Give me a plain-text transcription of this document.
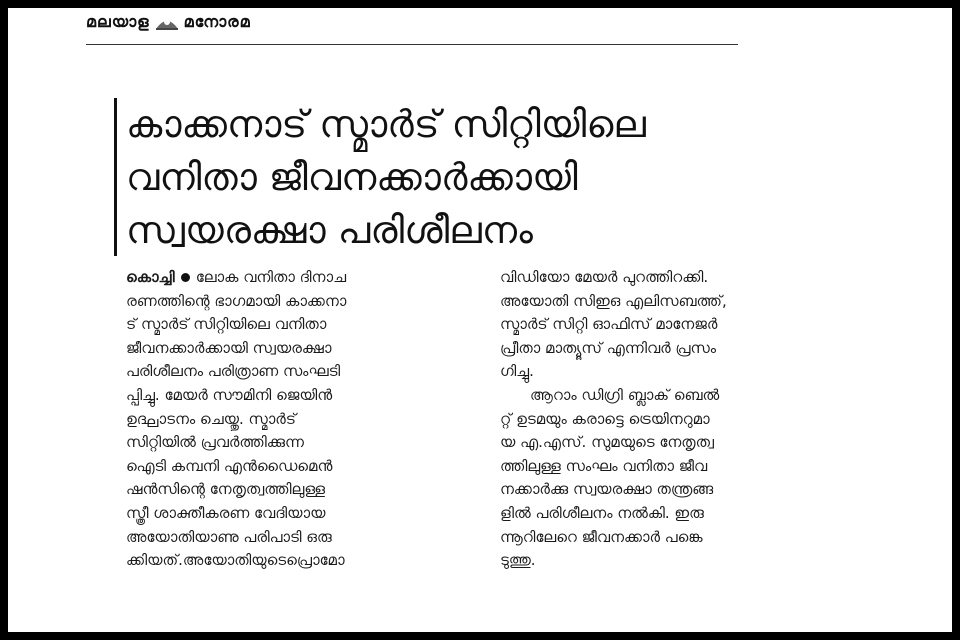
മലയാള മനോരമ
കാക്കനാട് സ്മാർട് സിറ്റിയിലെ
വനിതാ ജീവനക്കാർക്കായി
സ്വയരക്ഷാ പരിശീലനം
കൊച്ചി ലോക വനിതാ ദിനാച
രണത്തിന്റെ ഭാഗമായി കാക്കനാ
ട് സ്മാർട് സിറ്റിയിലെ വനിതാ
ജീവനക്കാർക്കായി സ്വയരക്ഷാ
പരിശീലനം പരിത്രാണ സംഘടി
പ്പിച്ചു. മേയർ സൗമിനി ജെയിൻ
ഉദ്ഘാടനം ചെയ്തു. സ്മാർട്
സിറ്റിയിൽ പ്രവർത്തിക്കുന്ന
ഐടി കമ്പനി എൻഡൈമെൻ
ഷൻസിന്റെ നേതൃത്വത്തിലുള്ള
സ്ത്രീ ശാക്തീകരണ വേദിയായ
അയോതിയാണു പരിപാടി ഒരു
ക്കിയത്.അയോതിയുടെപ്രൊമോ
വിഡിയോ മേയർ പുറത്തിറക്കി.
അയോതി സിഇഒ എലിസബത്ത്,
സ്മാർട് സിറ്റി ഓഫിസ് മാനേജർ
പ്രീതാ മാത്യൂസ് എന്നിവർ പ്രസം
ഗിച്ചു.
ആറാം ഡിഗ്രി ബ്ലാക് ബെൽ
റ്റ് ഉടമയും കരാട്ടെ ട്രെയിനറുമാ
യ എ.എസ്. സുമയുടെ നേതൃത്വ
ത്തിലുള്ള സംഘം വനിതാ ജീവ
നക്കാർക്കു സ്വയരക്ഷാ തന്ത്രങ്ങ
ളിൽ പരിശീലനം നൽകി. ഇരു
ന്നൂറിലേറെ ജീവനക്കാർ പങ്കെ
ടുത്തു.
